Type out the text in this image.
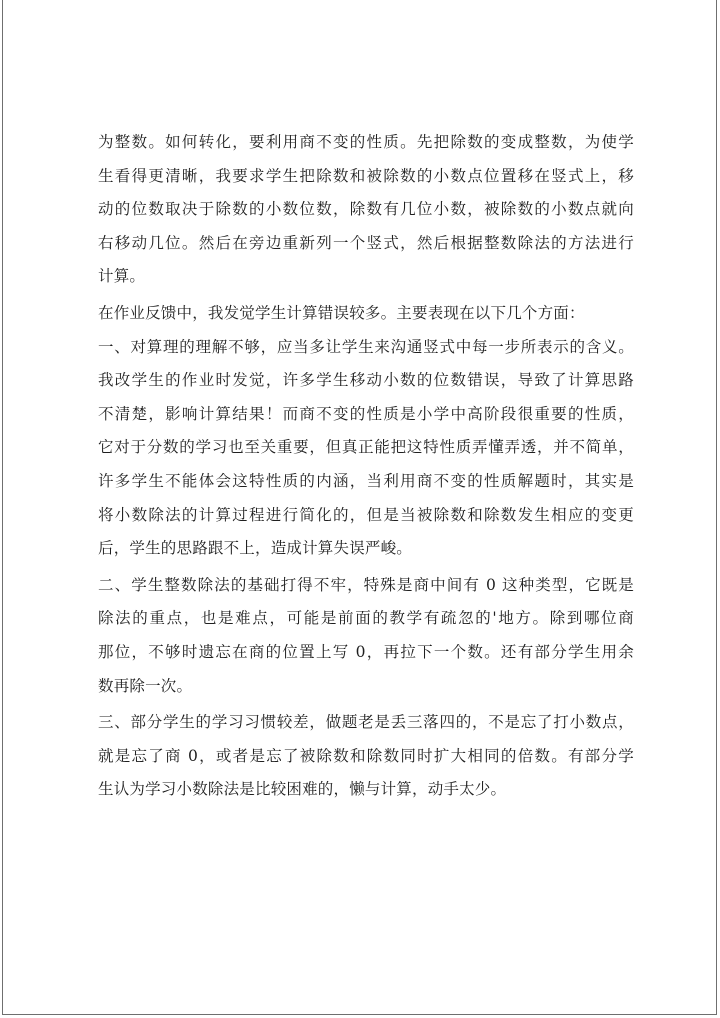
为整数。如何转化，要利用商不变的性质。先把除数的变成整数，为使学
生看得更清晰，我要求学生把除数和被除数的小数点位置移在竖式上，移
动的位数取决于除数的小数位数，除数有几位小数，被除数的小数点就向
右移动几位。然后在旁边重新列一个竖式，然后根据整数除法的方法进行
计算。
在作业反馈中，我发觉学生计算错误较多。主要表现在以下几个方面：
一、对算理的理解不够，应当多让学生来沟通竖式中每一步所表示的含义。
我改学生的作业时发觉，许多学生移动小数的位数错误，导致了计算思路
不清楚，影响计算结果！而商不变的性质是小学中高阶段很重要的性质，
它对于分数的学习也至关重要，但真正能把这特性质弄懂弄透，并不简单，
许多学生不能体会这特性质的内涵，当利用商不变的性质解题时，其实是
将小数除法的计算过程进行简化的，但是当被除数和除数发生相应的变更
后，学生的思路跟不上，造成计算失误严峻。
二、学生整数除法的基础打得不牢，特殊是商中间有 0 这种类型，它既是
除法的重点，也是难点，可能是前面的教学有疏忽的'地方。除到哪位商
那位，不够时遗忘在商的位置上写 0，再拉下一个数。还有部分学生用余
数再除一次。
三、部分学生的学习习惯较差，做题老是丢三落四的，不是忘了打小数点，
就是忘了商 0，或者是忘了被除数和除数同时扩大相同的倍数。有部分学
生认为学习小数除法是比较困难的，懒与计算，动手太少。
